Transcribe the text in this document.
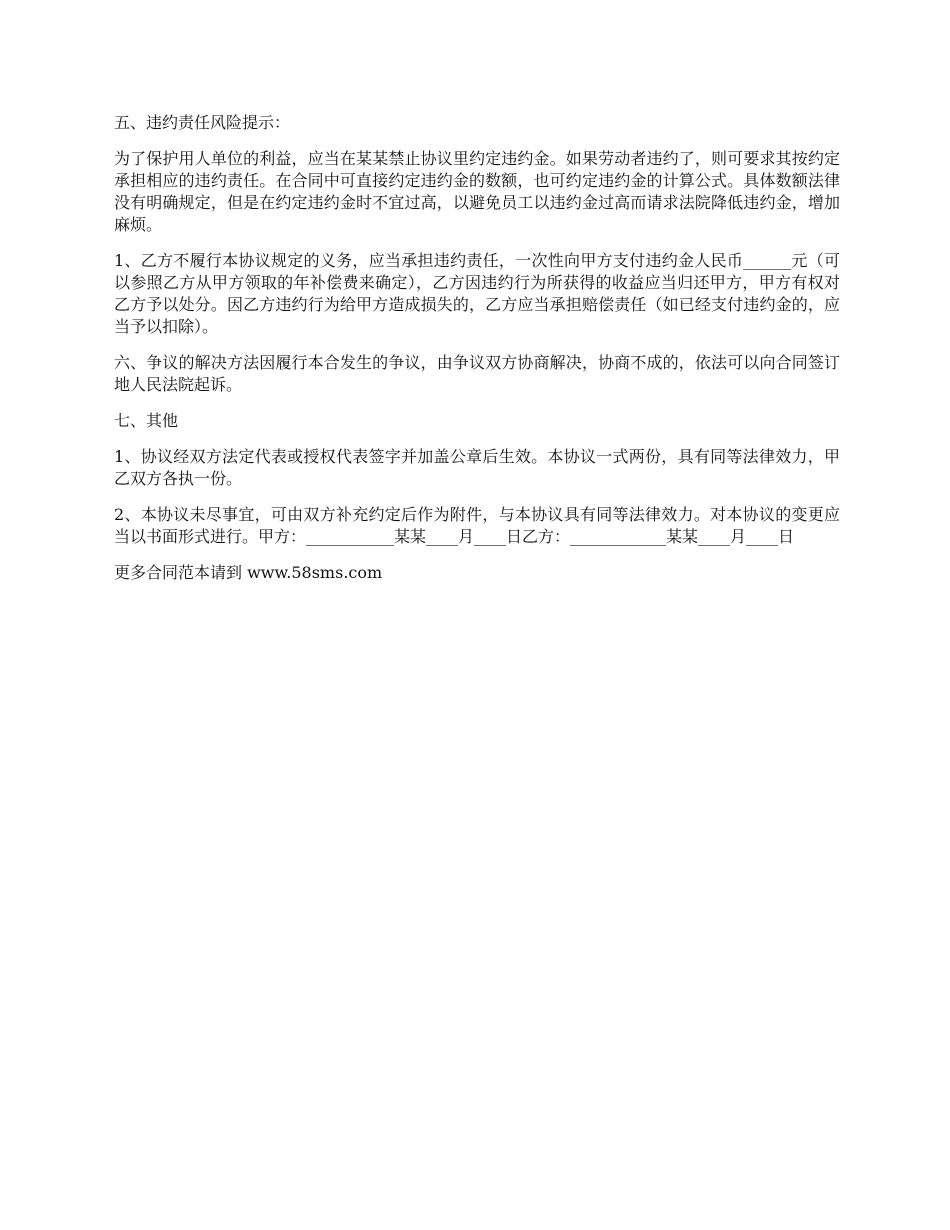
五、违约责任风险提示：

为了保护用人单位的利益，应当在某某禁止协议里约定违约金。如果劳动者违约了，则可要求其按约定承担相应的违约责任。在合同中可直接约定违约金的数额，也可约定违约金的计算公式。具体数额法律没有明确规定，但是在约定违约金时不宜过高，以避免员工以违约金过高而请求法院降低违约金，增加麻烦。

1、乙方不履行本协议规定的义务，应当承担违约责任，一次性向甲方支付违约金人民币______元（可以参照乙方从甲方领取的年补偿费来确定），乙方因违约行为所获得的收益应当归还甲方，甲方有权对乙方予以处分。因乙方违约行为给甲方造成损失的，乙方应当承担赔偿责任（如已经支付违约金的，应当予以扣除）。

六、争议的解决方法因履行本合发生的争议，由争议双方协商解决，协商不成的，依法可以向合同签订地人民法院起诉。

七、其他

1、协议经双方法定代表或授权代表签字并加盖公章后生效。本协议一式两份，具有同等法律效力，甲乙双方各执一份。

2、本协议未尽事宜，可由双方补充约定后作为附件，与本协议具有同等法律效力。对本协议的变更应当以书面形式进行。甲方：___________某某____月____日乙方：____________某某____月____日

更多合同范本请到 www.58sms.com
